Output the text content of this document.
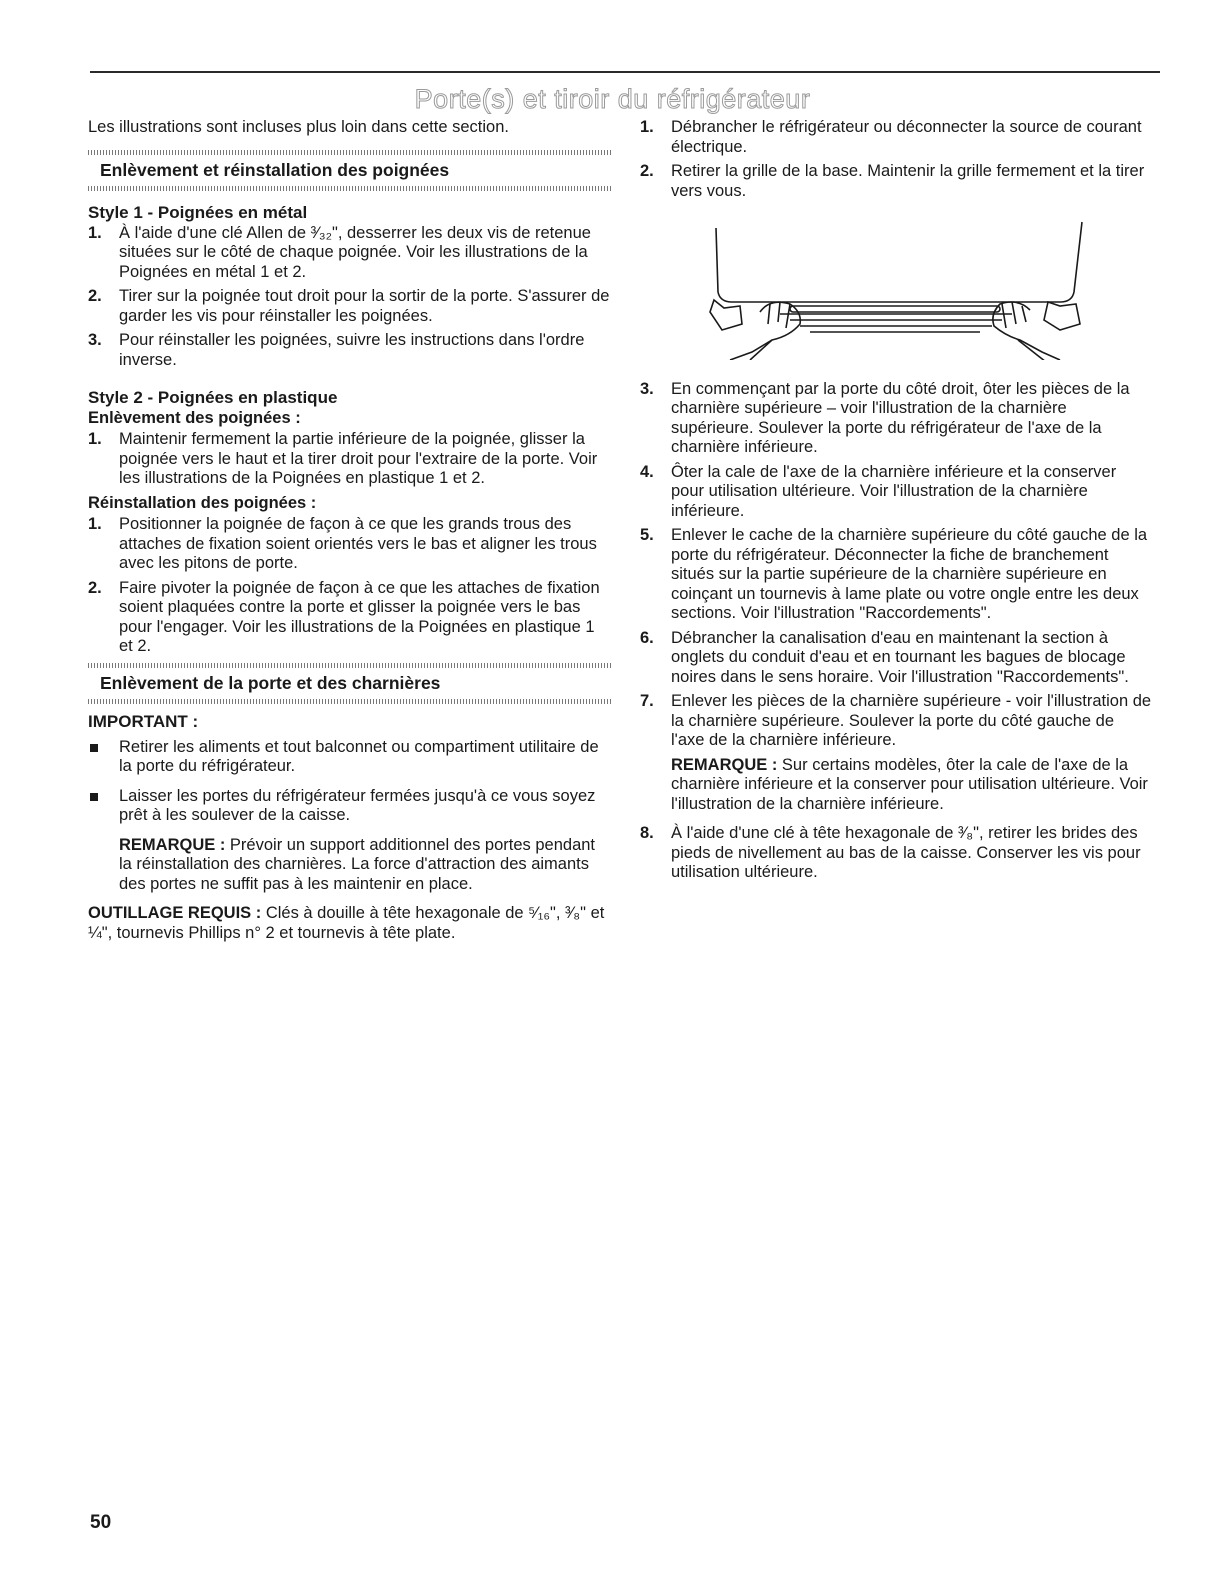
Porte(s) et tiroir du réfrigérateur

Les illustrations sont incluses plus loin dans cette section.

Enlèvement et réinstallation des poignées
Style 1 - Poignées en métal
1.	À l'aide d'une clé Allen de ³⁄₃₂", desserrer les deux vis de retenue situées sur le côté de chaque poignée. Voir les illustrations de la Poignées en métal 1 et 2.
2.	Tirer sur la poignée tout droit pour la sortir de la porte. S'assurer de garder les vis pour réinstaller les poignées.
3.	Pour réinstaller les poignées, suivre les instructions dans l'ordre inverse.
Style 2 - Poignées en plastique
Enlèvement des poignées :
1.	Maintenir fermement la partie inférieure de la poignée, glisser la poignée vers le haut et la tirer droit pour l'extraire de la porte. Voir les illustrations de la Poignées en plastique 1 et 2.
Réinstallation des poignées :
1.	Positionner la poignée de façon à ce que les grands trous des attaches de fixation soient orientés vers le bas et aligner les trous avec les pitons de porte.
2.	Faire pivoter la poignée de façon à ce que les attaches de fixation soient plaquées contre la porte et glisser la poignée vers le bas pour l'engager. Voir les illustrations de la Poignées en plastique 1 et 2.
Enlèvement de la porte et des charnières
IMPORTANT :
Retirer les aliments et tout balconnet ou compartiment utilitaire de la porte du réfrigérateur.
Laisser les portes du réfrigérateur fermées jusqu'à ce vous soyez prêt à les soulever de la caisse.

REMARQUE : Prévoir un support additionnel des portes pendant la réinstallation des charnières. La force d'attraction des aimants des portes ne suffit pas à les maintenir en place.

OUTILLAGE REQUIS : Clés à douille à tête hexagonale de ⁵⁄₁₆", ³⁄₈" et ¼", tournevis Phillips n° 2 et tournevis à tête plate.

1.	Débrancher le réfrigérateur ou déconnecter la source de courant électrique.
2.	Retirer la grille de la base. Maintenir la grille fermement et la tirer vers vous.
3.	En commençant par la porte du côté droit, ôter les pièces de la charnière supérieure – voir l'illustration de la charnière supérieure. Soulever la porte du réfrigérateur de l'axe de la charnière inférieure.
4.	Ôter la cale de l'axe de la charnière inférieure et la conserver pour utilisation ultérieure. Voir l'illustration de la charnière inférieure.
5.	Enlever le cache de la charnière supérieure du côté gauche de la porte du réfrigérateur. Déconnecter la fiche de branchement situés sur la partie supérieure de la charnière supérieure en coinçant un tournevis à lame plate ou votre ongle entre les deux sections. Voir l'illustration "Raccordements".
6.	Débrancher la canalisation d'eau en maintenant la section à onglets du conduit d'eau et en tournant les bagues de blocage noires dans le sens horaire. Voir l'illustration "Raccordements".
7.	Enlever les pièces de la charnière supérieure - voir l'illustration de la charnière supérieure. Soulever la porte du côté gauche de l'axe de la charnière inférieure.

REMARQUE : Sur certains modèles, ôter la cale de l'axe de la charnière inférieure et la conserver pour utilisation ultérieure. Voir l'illustration de la charnière inférieure.

8.	À l'aide d'une clé à tête hexagonale de ³⁄₈", retirer les brides des pieds de nivellement au bas de la caisse. Conserver les vis pour utilisation ultérieure.
50
